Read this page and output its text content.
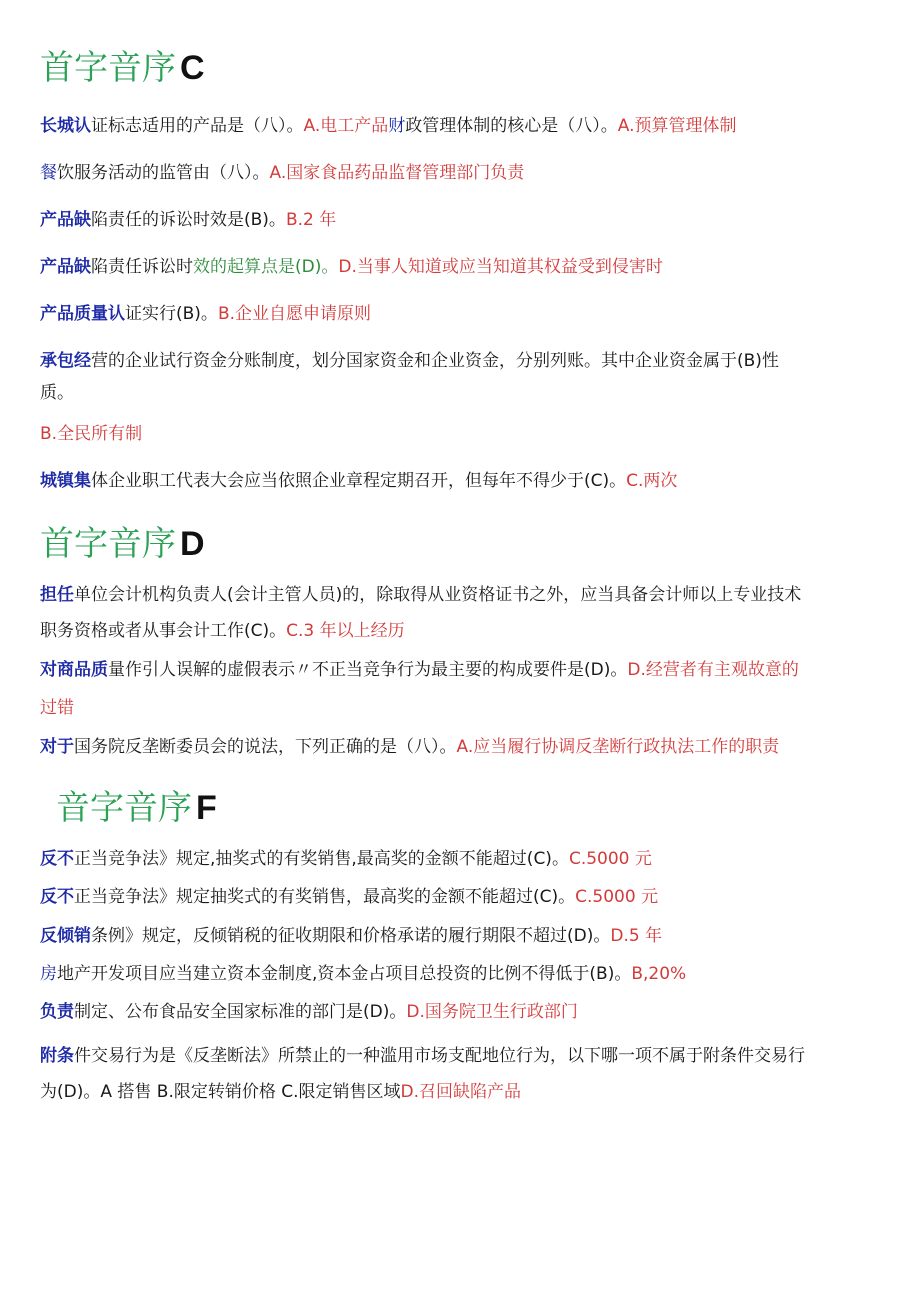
首字音序 C
长城认证标志适用的产品是（八）。A.电工产品财政管理体制的核心是（八）。A.预算管理体制
餐饮服务活动的监管由（八）。A.国家食品药品监督管理部门负责
产品缺陷责任的诉讼时效是(B)。B.2 年
产品缺陷责任诉讼时效的起算点是(D)。D.当事人知道或应当知道其权益受到侵害时
产品质量认证实行(B)。B.企业自愿申请原则
承包经营的企业试行资金分账制度，划分国家资金和企业资金，分别列账。其中企业资金属于(B)性
质。
B.全民所有制
城镇集体企业职工代表大会应当依照企业章程定期召开，但每年不得少于(C)。C.两次
首字音序 D
担任单位会计机构负责人(会计主管人员)的，除取得从业资格证书之外，应当具备会计师以上专业技术
职务资格或者从事会计工作(C)。C.3 年以上经历
对商品质量作引人误解的虚假表示〃不正当竞争行为最主要的构成要件是(D)。D.经营者有主观故意的
过错
对于国务院反垄断委员会的说法，下列正确的是（八）。A.应当履行协调反垄断行政执法工作的职责
音字音序 F
反不正当竞争法》规定,抽奖式的有奖销售,最高奖的金额不能超过(C)。C.5000 元
反不正当竞争法》规定抽奖式的有奖销售，最高奖的金额不能超过(C)。C.5000 元
反倾销条例》规定，反倾销税的征收期限和价格承诺的履行期限不超过(D)。D.5 年
房地产开发项目应当建立资本金制度,资本金占项目总投资的比例不得低于(B)。B,20%
负责制定、公布食品安全国家标准的部门是(D)。D.国务院卫生行政部门
附条件交易行为是《反垄断法》所禁止的一种滥用市场支配地位行为，以下哪一项不属于附条件交易行
为(D)。A 搭售 B.限定转销价格 C.限定销售区域D.召回缺陷产品
